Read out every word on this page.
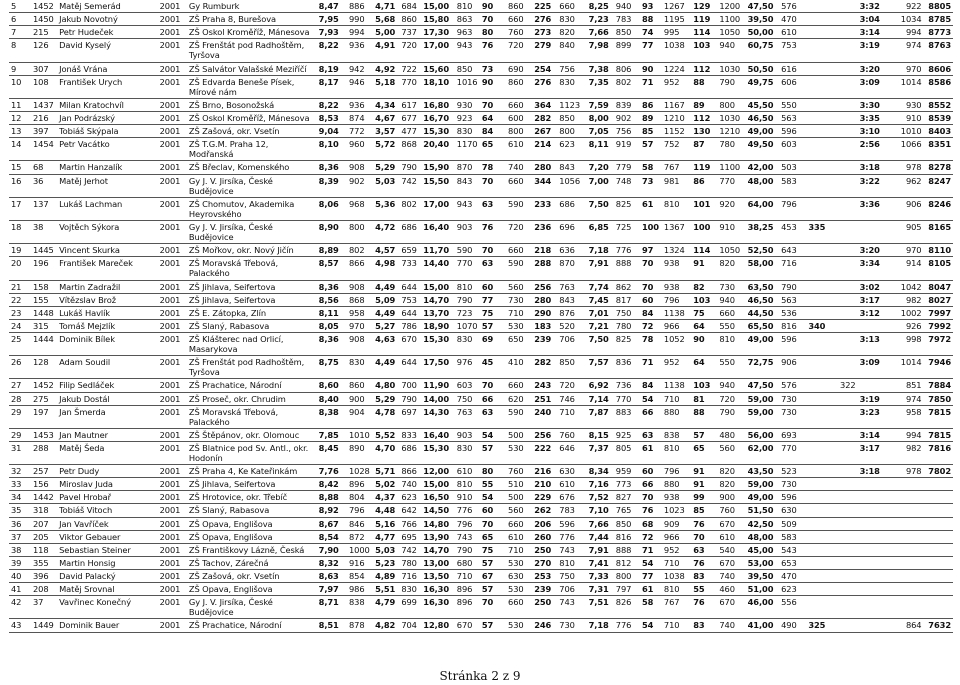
5	1452	Matěj Semerád	2001	Gy Rumburk	8,47	886	4,71	684	15,00	810	90	860	225	660	8,25	940	93	1267	129	1200	47,50	576			3:32	922	8805
6	1450	Jakub Novotný	2001	ZŠ Praha 8, Burešova	7,95	990	5,68	860	15,80	863	70	660	276	830	7,23	783	88	1195	119	1100	39,50	470			3:04	1034	8785
7	215	Petr Hudeček	2001	ZŠ Oskol Kroměříž, Mánesova	7,93	994	5,00	737	17,30	963	80	760	273	820	7,66	850	74	995	114	1050	50,00	610			3:14	994	8773
8	126	David Kyselý	2001	ZŠ Frenštát pod Radhoštěm, Tyršova	8,22	936	4,91	720	17,00	943	76	720	279	840	7,98	899	77	1038	103	940	60,75	753			3:19	974	8763
9	307	Jonáš Vrána	2001	ZŠ Salvátor Valašské Meziříčí	8,19	942	4,92	722	15,60	850	73	690	254	756	7,38	806	90	1224	112	1030	50,50	616			3:20	970	8606
10	108	František Urych	2001	ZŠ Edvarda Beneše Písek, Mírové nám	8,17	946	5,18	770	18,10	1016	90	860	276	830	7,35	802	71	952	88	790	49,75	606			3:09	1014	8586
11	1437	Milan Kratochvíl	2001	ZŠ Brno, Bosonožská	8,22	936	4,34	617	16,80	930	70	660	364	1123	7,59	839	86	1167	89	800	45,50	550			3:30	930	8552
12	216	Jan Podrázský	2001	ZŠ Oskol Kroměříž, Mánesova	8,53	874	4,67	677	16,70	923	64	600	282	850	8,00	902	89	1210	112	1030	46,50	563			3:35	910	8539
13	397	Tobiáš Skýpala	2001	ZŠ Zašová, okr. Vsetín	9,04	772	3,57	477	15,30	830	84	800	267	800	7,05	756	85	1152	130	1210	49,00	596			3:10	1010	8403
14	1454	Petr Vacátko	2001	ZŠ T.G.M. Praha 12, Modřanská	8,10	960	5,72	868	20,40	1170	65	610	214	623	8,11	919	57	752	87	780	49,50	603			2:56	1066	8351
15	68	Martin Hanzalík	2001	ZŠ Břeclav, Komenského	8,36	908	5,29	790	15,90	870	78	740	280	843	7,20	779	58	767	119	1100	42,00	503			3:18	978	8278
16	36	Matěj Jerhot	2001	Gy J. V. Jirsíka, České Budějovice	8,39	902	5,03	742	15,50	843	70	660	344	1056	7,00	748	73	981	86	770	48,00	583			3:22	962	8247
17	137	Lukáš Lachman	2001	ZŠ Chomutov, Akademika Heyrovského	8,06	968	5,36	802	17,00	943	63	590	233	686	7,50	825	61	810	101	920	64,00	796			3:36	906	8246
18	38	Vojtěch Sýkora	2001	Gy J. V. Jirsíka, České Budějovice	8,90	800	4,72	686	16,40	903	76	720	236	696	6,85	725	100	1367	100	910	38,25	453	335			905	8165
19	1445	Vincent Skurka	2001	ZŠ Mořkov, okr. Nový Jičín	8,89	802	4,57	659	11,70	590	70	660	218	636	7,18	776	97	1324	114	1050	52,50	643			3:20	970	8110
20	196	František Mareček	2001	ZŠ Moravská Třebová, Palackého	8,57	866	4,98	733	14,40	770	63	590	288	870	7,91	888	70	938	91	820	58,00	716			3:34	914	8105
21	158	Martin Zadražil	2001	ZŠ Jihlava, Seifertova	8,36	908	4,49	644	15,00	810	60	560	256	763	7,74	862	70	938	82	730	63,50	790			3:02	1042	8047
22	155	Vítězslav Brož	2001	ZŠ Jihlava, Seifertova	8,56	868	5,09	753	14,70	790	77	730	280	843	7,45	817	60	796	103	940	46,50	563			3:17	982	8027
23	1448	Lukáš Havlík	2001	ZŠ E. Zátopka, Zlín	8,11	958	4,49	644	13,70	723	75	710	290	876	7,01	750	84	1138	75	660	44,50	536			3:12	1002	7997
24	315	Tomáš Mejzlík	2001	ZŠ Slaný, Rabasova	8,05	970	5,27	786	18,90	1070	57	530	183	520	7,21	780	72	966	64	550	65,50	816	340			926	7992
25	1444	Dominik Bílek	2001	ZŠ Klášterec nad Orlicí, Masarykova	8,36	908	4,63	670	15,30	830	69	650	239	706	7,50	825	78	1052	90	810	49,00	596			3:13	998	7972
26	128	Adam Soudil	2001	ZŠ Frenštát pod Radhoštěm, Tyršova	8,75	830	4,49	644	17,50	976	45	410	282	850	7,57	836	71	952	64	550	72,75	906			3:09	1014	7946
27	1452	Filip Sedláček	2001	ZŠ Prachatice, Národní	8,60	860	4,80	700	11,90	603	70	660	243	720	6,92	736	84	1138	103	940	47,50	576		322		851	7884
28	275	Jakub Dostál	2001	ZŠ Proseč, okr. Chrudim	8,40	900	5,29	790	14,00	750	66	620	251	746	7,14	770	54	710	81	720	59,00	730			3:19	974	7850
29	197	Jan Šmerda	2001	ZŠ Moravská Třebová, Palackého	8,38	904	4,78	697	14,30	763	63	590	240	710	7,87	883	66	880	88	790	59,00	730			3:23	958	7815
29	1453	Jan Mautner	2001	ZŠ Štěpánov, okr. Olomouc	7,85	1010	5,52	833	16,40	903	54	500	256	760	8,15	925	63	838	57	480	56,00	693			3:14	994	7815
31	288	Matěj Šeda	2001	ZŠ Blatnice pod Sv. Antl., okr. Hodonín	8,45	890	4,70	686	15,30	830	57	530	222	646	7,37	805	61	810	65	560	62,00	770			3:17	982	7816
32	257	Petr Dudy	2001	ZŠ Praha 4, Ke Kateřinkám	7,76	1028	5,71	866	12,00	610	80	760	216	630	8,34	959	60	796	91	820	43,50	523			3:18	978	7802
33	156	Miroslav Juda	2001	ZŠ Jihlava, Seifertova	8,42	896	5,02	740	15,00	810	55	510	210	610	7,16	773	66	880	91	820	59,00	730					
34	1442	Pavel Hrobař	2001	ZŠ Hrotovice, okr. Třebíč	8,88	804	4,37	623	16,50	910	54	500	229	676	7,52	827	70	938	99	900	49,00	596					
35	318	Tobiáš Vitoch	2001	ZŠ Slaný, Rabasova	8,92	796	4,48	642	14,50	776	60	560	262	783	7,10	765	76	1023	85	760	51,50	630					
36	207	Jan Vavříček	2001	ZŠ Opava, Englišova	8,67	846	5,16	766	14,80	796	70	660	206	596	7,66	850	68	909	76	670	42,50	509					
37	205	Viktor Gebauer	2001	ZŠ Opava, Englišova	8,54	872	4,77	695	13,90	743	65	610	260	776	7,44	816	72	966	70	610	48,00	583					
38	118	Sebastian Steiner	2001	ZŠ Františkovy Lázně, Česká	7,90	1000	5,03	742	14,70	790	75	710	250	743	7,91	888	71	952	63	540	45,00	543					
39	355	Martin Honsig	2001	ZŠ Tachov, Zárečná	8,32	916	5,23	780	13,00	680	57	530	270	810	7,41	812	54	710	76	670	53,00	653					
40	396	David Palacký	2001	ZŠ Zašová, okr. Vsetín	8,63	854	4,89	716	13,50	710	67	630	253	750	7,33	800	77	1038	83	740	39,50	470					
41	208	Matěj Srovnal	2001	ZŠ Opava, Englišova	7,97	986	5,51	830	16,30	896	57	530	239	706	7,31	797	61	810	55	460	51,00	623					
42	37	Vavřinec Konečný	2001	Gy J. V. Jirsíka, České Budějovice	8,71	838	4,79	699	16,30	896	70	660	250	743	7,51	826	58	767	76	670	46,00	556					
43	1449	Dominik Bauer	2001	ZŠ Prachatice, Národní	8,51	878	4,82	704	12,80	670	57	530	246	730	7,18	776	54	710	83	740	41,00	490	325			864	7632
Stránka 2 z 9
